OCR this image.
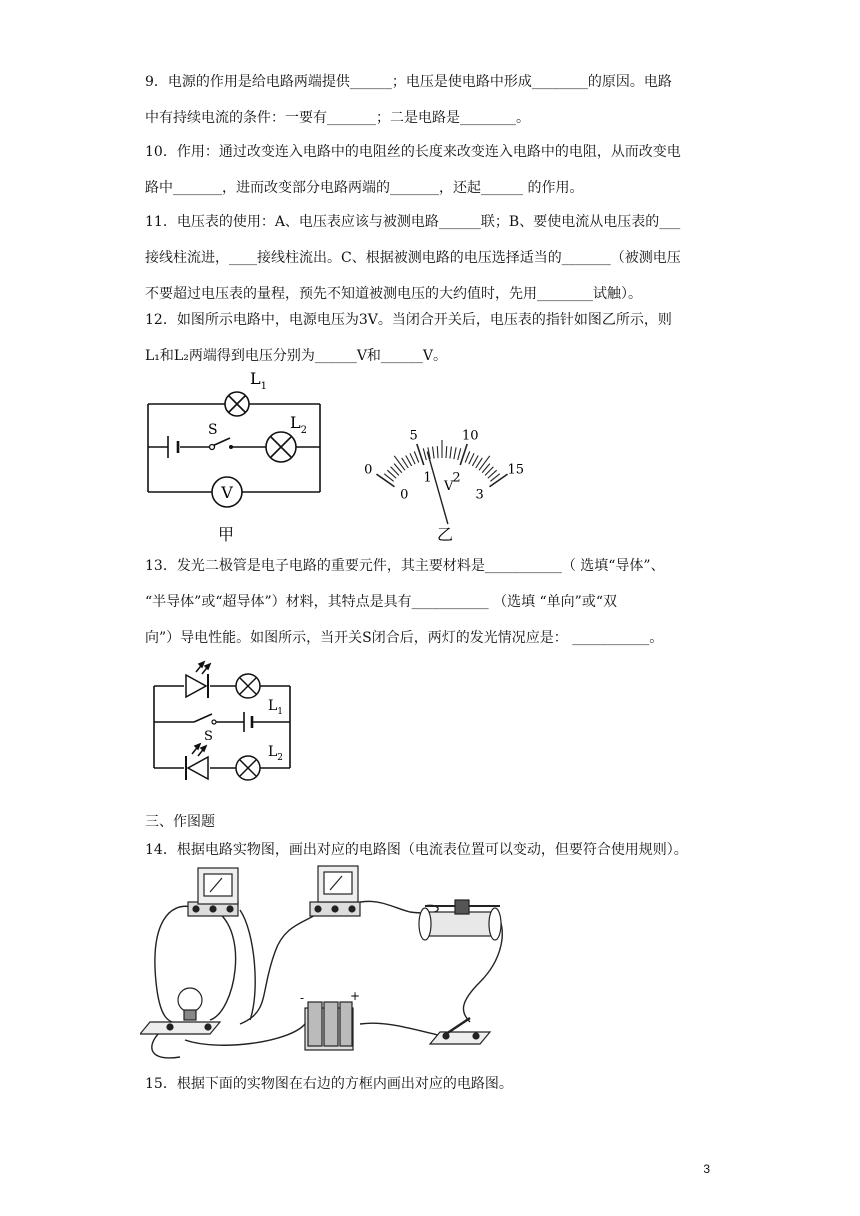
9．电源的作用是给电路两端提供______；电压是使电路中形成________的原因。电路
中有持续电流的条件：一要有_______；二是电路是________。
10．作用：通过改变连入电路中的电阻丝的长度来改变连入电路中的电阻，从而改变电
路中_______，进而改变部分电路两端的_______，还起______ 的作用。
11．电压表的使用：A、电压表应该与被测电路______联；B、要使电流从电压表的___
接线柱流进，____接线柱流出。C、根据被测电路的电压选择适当的_______（被测电压
不要超过电压表的量程，预先不知道被测电压的大约值时，先用________试触）。
12．如图所示电路中，电源电压为3V。当闭合开关后，电压表的指针如图乙所示，则
L₁和L₂两端得到电压分别为______V和______V。
V
$L_1$
$L_2$
S
甲
0
0
5
1
10
2
15
3
V
乙
13．发光二极管是电子电路的重要元件，其主要材料是___________（ 选填“导体”、
“半导体”或“超导体”）材料，其特点是具有___________ （选填 “单向”或“双
向”）导电性能。如图所示，当开关S闭合后，两灯的发光情况应是： ___________。
$L_1$
$L_2$
S
三、作图题
14．根据电路实物图，画出对应的电路图（电流表位置可以变动，但要符合使用规则）。
-	+
15．根据下面的实物图在右边的方框内画出对应的电路图。
3
